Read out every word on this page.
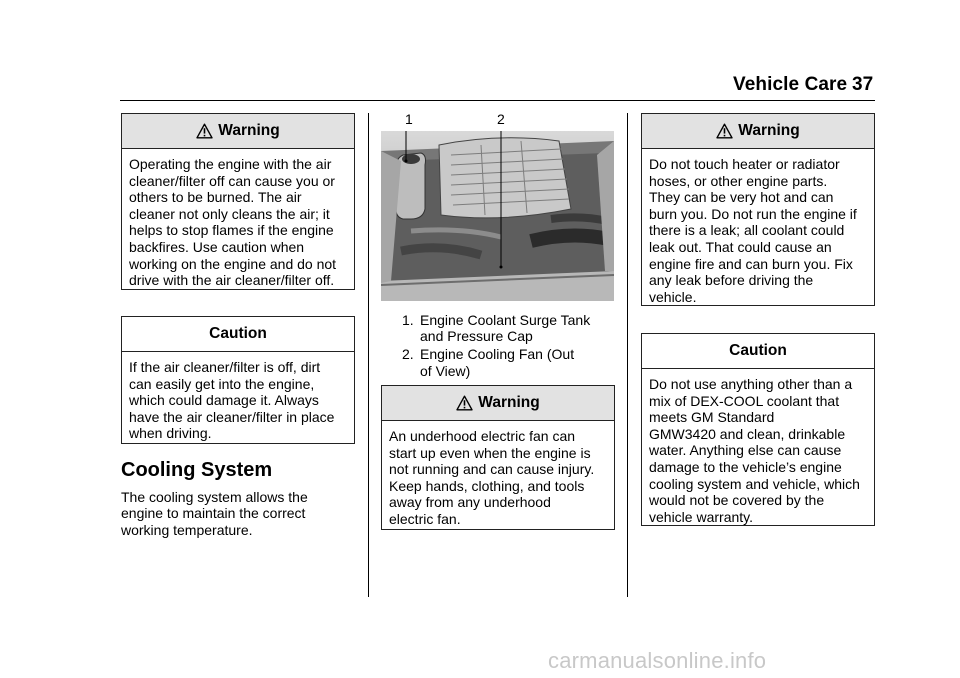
Vehicle Care 37
Warning
Operating the engine with the air
cleaner/filter off can cause you or
others to be burned. The air
cleaner not only cleans the air; it
helps to stop flames if the engine
backfires. Use caution when
working on the engine and do not
drive with the air cleaner/filter off.
Caution
If the air cleaner/filter is off, dirt
can easily get into the engine,
which could damage it. Always
have the air cleaner/filter in place
when driving.
Cooling System
The cooling system allows the
engine to maintain the correct
working temperature.
1	2
1. Engine Coolant Surge Tank
and Pressure Cap
2. Engine Cooling Fan (Out
of View)
Warning
An underhood electric fan can
start up even when the engine is
not running and can cause injury.
Keep hands, clothing, and tools
away from any underhood
electric fan.
Warning
Do not touch heater or radiator
hoses, or other engine parts.
They can be very hot and can
burn you. Do not run the engine if
there is a leak; all coolant could
leak out. That could cause an
engine fire and can burn you. Fix
any leak before driving the
vehicle.
Caution
Do not use anything other than a
mix of DEX-COOL coolant that
meets GM Standard
GMW3420 and clean, drinkable
water. Anything else can cause
damage to the vehicle’s engine
cooling system and vehicle, which
would not be covered by the
vehicle warranty.
carmanualsonline.info
